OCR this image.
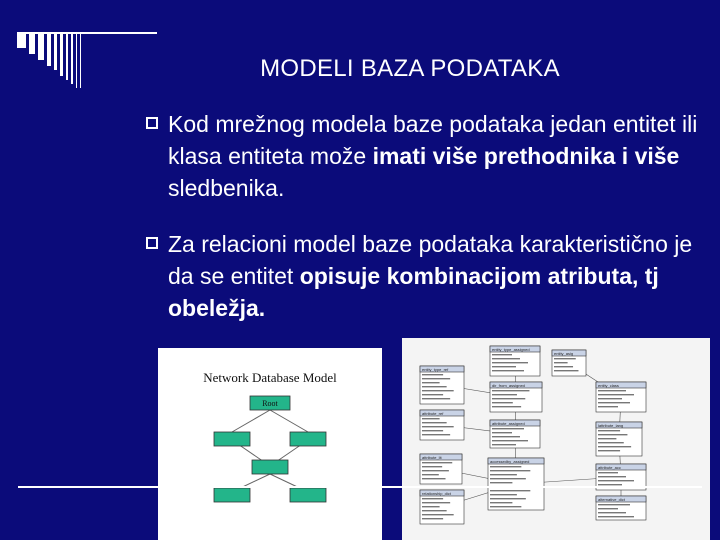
MODELI BAZA PODATAKA
Kod mrežnog modela baze podataka jedan entitet ili klasa entiteta može imati više prethodnika i više sledbenika.
Za relacioni model baze podataka karakteristično je da se entitet opisuje kombinacijom atributa, tj obeležja.
Network Database Model
Root
entity_type_assigned
entity_asig
entity_type_ref
dir_from_assigned	entity_class
attribute_ref
attribute_assigned	lattribute_lang
attribute_lit
accessedby_assigned
attribute_acc
alternative_dict
relationship_dict
